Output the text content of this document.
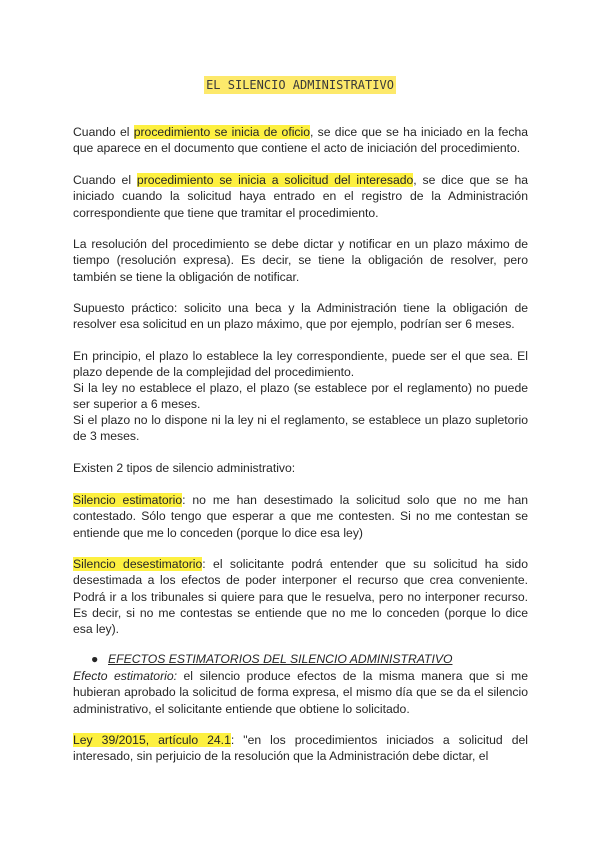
EL SILENCIO ADMINISTRATIVO

Cuando el procedimiento se inicia de oficio, se dice que se ha iniciado en la fecha que aparece en el documento que contiene el acto de iniciación del procedimiento.

Cuando el procedimiento se inicia a solicitud del interesado, se dice que se ha iniciado cuando la solicitud haya entrado en el registro de la Administración correspondiente que tiene que tramitar el procedimiento.

La resolución del procedimiento se debe dictar y notificar en un plazo máximo de tiempo (resolución expresa). Es decir, se tiene la obligación de resolver, pero también se tiene la obligación de notificar.

Supuesto práctico: solicito una beca y la Administración tiene la obligación de resolver esa solicitud en un plazo máximo, que por ejemplo, podrían ser 6 meses.

En principio, el plazo lo establece la ley correspondiente, puede ser el que sea. El plazo depende de la complejidad del procedimiento.

Si la ley no establece el plazo, el plazo (se establece por el reglamento) no puede ser superior a 6 meses.

Si el plazo no lo dispone ni la ley ni el reglamento, se establece un plazo supletorio de 3 meses.

Existen 2 tipos de silencio administrativo:

Silencio estimatorio: no me han desestimado la solicitud solo que no me han contestado. Sólo tengo que esperar a que me contesten. Si no me contestan se entiende que me lo conceden (porque lo dice esa ley)

Silencio desestimatorio: el solicitante podrá entender que su solicitud ha sido desestimada a los efectos de poder interponer el recurso que crea conveniente. Podrá ir a los tribunales si quiere para que le resuelva, pero no interponer recurso. Es decir, si no me contestas se entiende que no me lo conceden (porque lo dice esa ley).

● EFECTOS ESTIMATORIOS DEL SILENCIO ADMINISTRATIVO

Efecto estimatorio: el silencio produce efectos de la misma manera que si me hubieran aprobado la solicitud de forma expresa, el mismo día que se da el silencio administrativo, el solicitante entiende que obtiene lo solicitado.

Ley 39/2015, artículo 24.1: "en los procedimientos iniciados a solicitud del interesado, sin perjuicio de la resolución que la Administración debe dictar, el
